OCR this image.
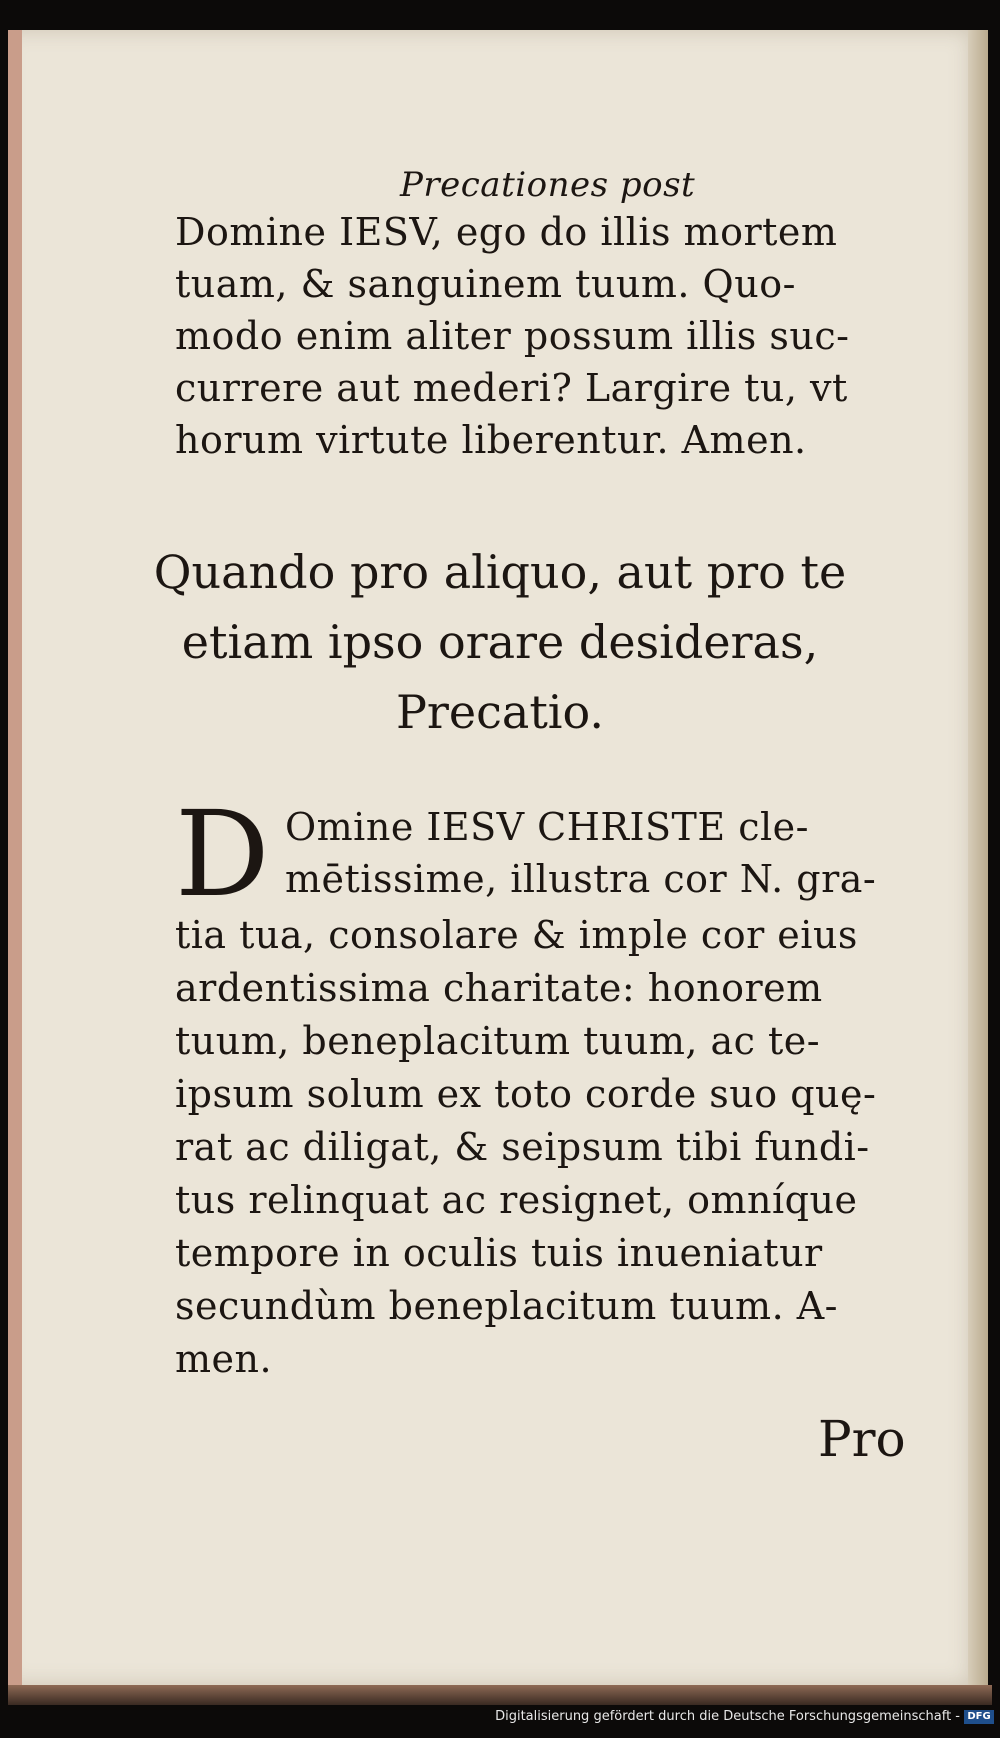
Precationes post
Domine IESV, ego do illis mortem
tuam, & sanguinem tuum. Quo-
modo enim aliter possum illis suc-
currere aut mederi? Largire tu, vt
horum virtute liberentur. Amen.
Quando pro aliquo, aut pro te
etiam ipso orare desideras,
Precatio.
D Omine IESV CHRISTE cle-
mētissime, illustra cor N. gra-
tia tua, consolare & imple cor eius
ardentissima charitate: honorem
tuum, beneplacitum tuum, ac te-
ipsum solum ex toto corde suo quę-
rat ac diligat, & seipsum tibi fundi-
tus relinquat ac resignet, omníque
tempore in oculis tuis inueniatur
secundùm beneplacitum tuum. A-
men.
Pro
Digitalisierung gefördert durch die Deutsche Forschungsgemeinschaft - DFG
